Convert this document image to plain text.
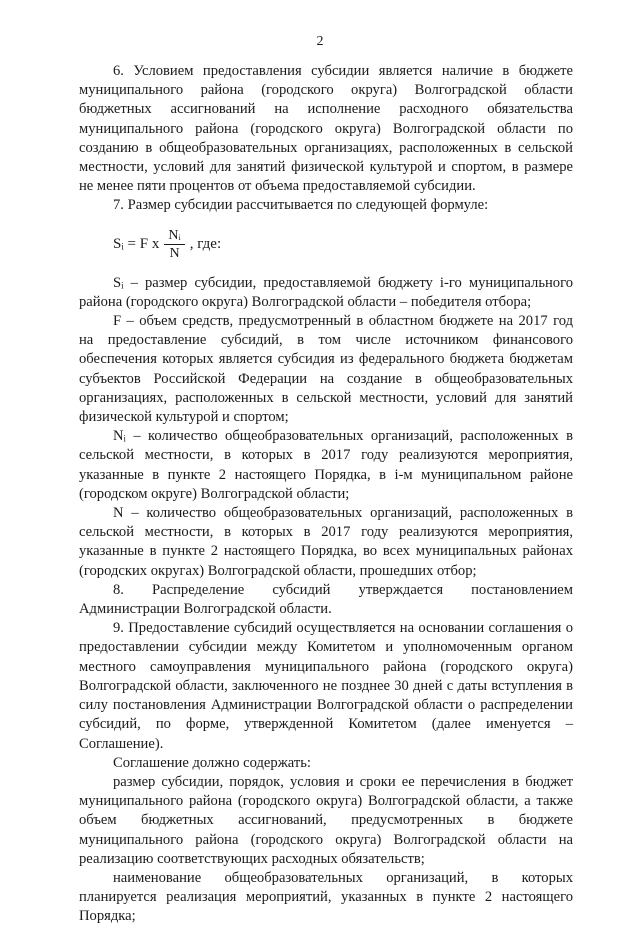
2

6. Условием предоставления субсидии является наличие в бюджете муниципального района (городского округа) Волгоградской области бюджетных ассигнований на исполнение расходного обязательства муниципального района (городского округа) Волгоградской области по созданию в общеобразовательных организациях, расположенных в сельской местности, условий для занятий физической культурой и спортом, в размере не менее пяти процентов от объема предоставляемой субсидии.

7. Размер субсидии рассчитывается по следующей формуле:

Sᵢ = F x $\frac{\text{Nᵢ}}{N}$ , где:

Sᵢ – размер субсидии, предоставляемой бюджету i-го муниципального района (городского округа) Волгоградской области – победителя отбора;

F – объем средств, предусмотренный в областном бюджете на 2017 год на предоставление субсидий, в том числе источником финансового обеспечения которых является субсидия из федерального бюджета бюджетам субъектов Российской Федерации на создание в общеобразовательных организациях, расположенных в сельской местности, условий для занятий физической культурой и спортом;

Nᵢ – количество общеобразовательных организаций, расположенных в сельской местности, в которых в 2017 году реализуются мероприятия, указанные в пункте 2 настоящего Порядка, в i-м муниципальном районе (городском округе) Волгоградской области;

N – количество общеобразовательных организаций, расположенных в сельской местности, в которых в 2017 году реализуются мероприятия, указанные в пункте 2 настоящего Порядка, во всех муниципальных районах (городских округах) Волгоградской области, прошедших отбор;

8. Распределение субсидий утверждается постановлением Администрации Волгоградской области.

9. Предоставление субсидий осуществляется на основании соглашения о предоставлении субсидии между Комитетом и уполномоченным органом местного самоуправления муниципального района (городского округа) Волгоградской области, заключенного не позднее 30 дней с даты вступления в силу постановления Администрации Волгоградской области о распределении субсидий, по форме, утвержденной Комитетом (далее именуется – Соглашение).

Соглашение должно содержать:

размер субсидии, порядок, условия и сроки ее перечисления в бюджет муниципального района (городского округа) Волгоградской области, а также объем бюджетных ассигнований, предусмотренных в бюджете муниципального района (городского округа) Волгоградской области на реализацию соответствующих расходных обязательств;

наименование общеобразовательных организаций, в которых планируется реализация мероприятий, указанных в пункте 2 настоящего Порядка;
